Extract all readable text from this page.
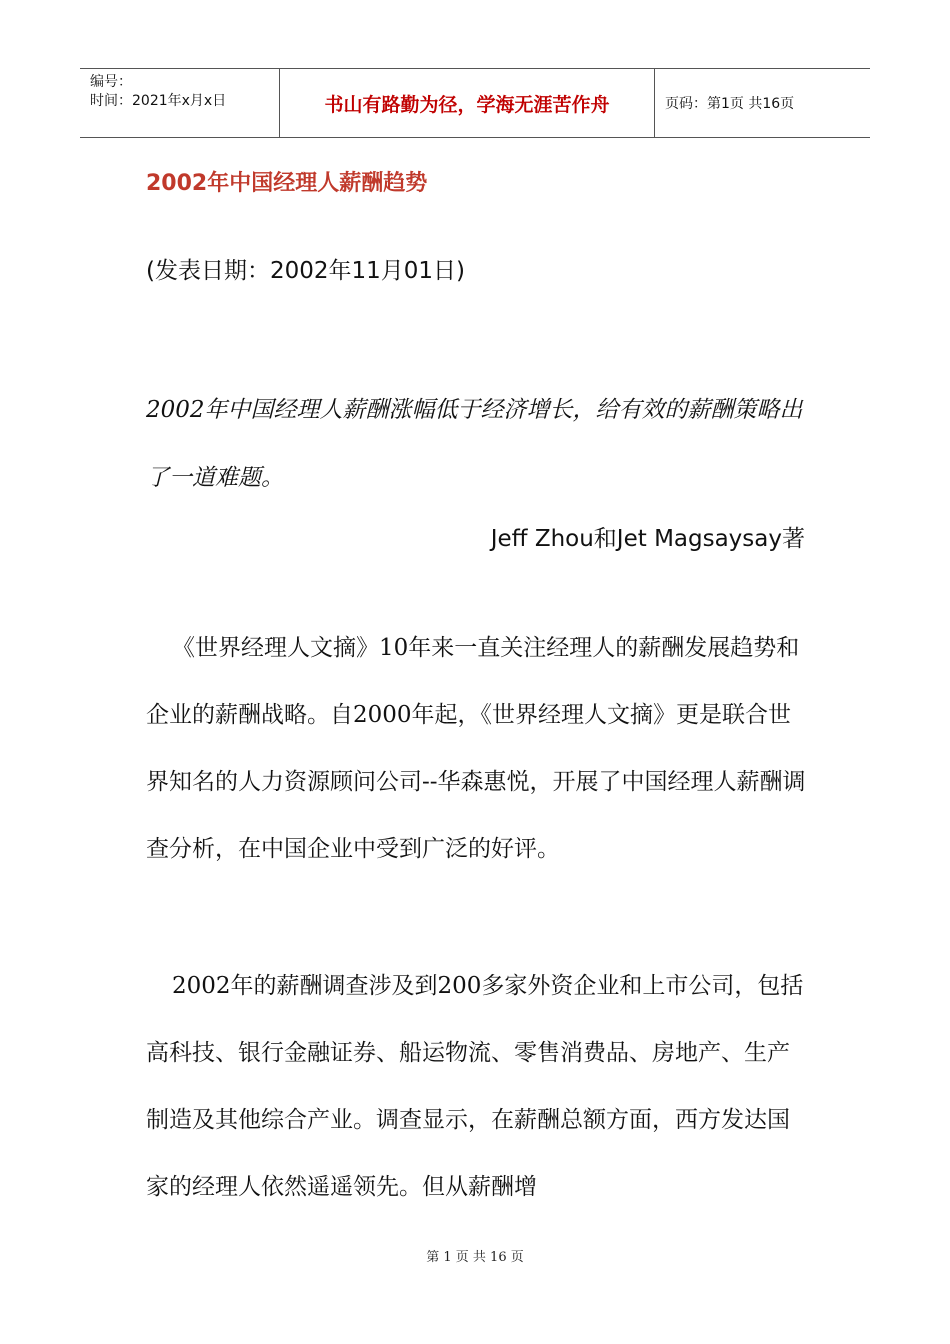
编号：
时间：2021年x月x日	书山有路勤为径，学海无涯苦作舟	页码：第1页 共16页
2002年中国经理人薪酬趋势
(发表日期：2002年11月01日)
2002年中国经理人薪酬涨幅低于经济增长，给有效的薪酬策略出了一道难题。
Jeff Zhou和Jet Magsaysay著
《世界经理人文摘》10年来一直关注经理人的薪酬发展趋势和企业的薪酬战略。自2000年起，《世界经理人文摘》更是联合世界知名的人力资源顾问公司--华森惠悦，开展了中国经理人薪酬调查分析，在中国企业中受到广泛的好评。
2002年的薪酬调查涉及到200多家外资企业和上市公司，包括高科技、银行金融证券、船运物流、零售消费品、房地产、生产制造及其他综合产业。调查显示，在薪酬总额方面，西方发达国家的经理人依然遥遥领先。但从薪酬增
第 1 页 共 16 页
